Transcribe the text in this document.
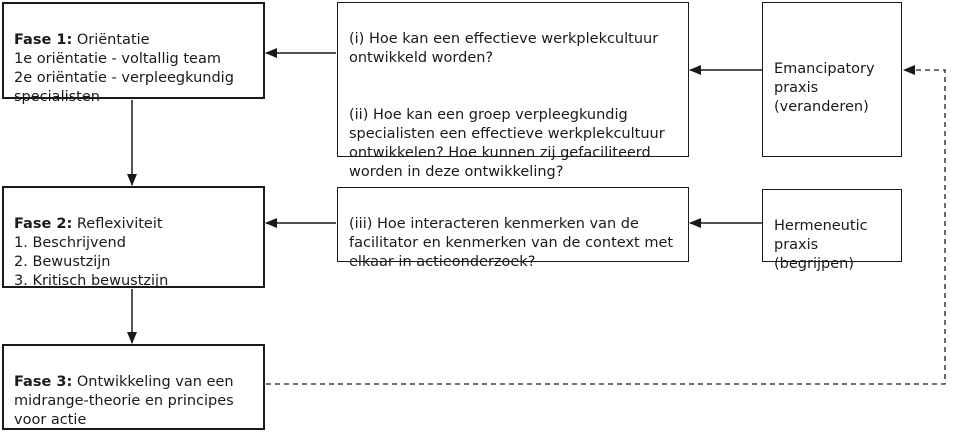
Fase 1: Oriëntatie

1e oriëntatie - voltallig team
2e oriëntatie - verpleegkundig specialisten

Fase 2: Reflexiviteit

1. Beschrijvend
2. Bewustzijn
3. Kritisch bewustzijn

Fase 3: Ontwikkeling van een midrange-theorie en principes voor actie

(i) Hoe kan een effectieve werkplekcultuur ontwikkeld worden?

(ii) Hoe kan een groep verpleegkundig specialisten een effectieve werkplekcultuur ontwikkelen? Hoe kunnen zij gefaciliteerd worden in deze ontwikkeling?

(iii) Hoe interacteren kenmerken van de facilitator en kenmerken van de context met elkaar in actieonderzoek?

Emancipatory praxis (veranderen)

Hermeneutic praxis (begrijpen)
